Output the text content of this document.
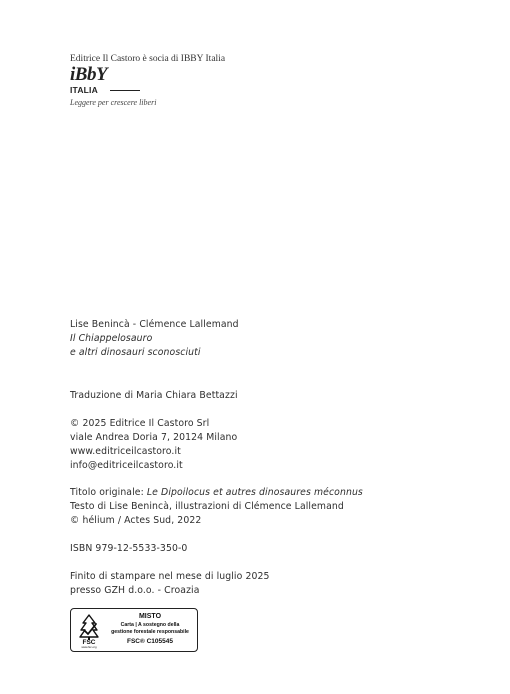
Editrice Il Castoro è socia di IBBY Italia
iBbY
ITALIA
Leggere per crescere liberi
Lise Benincà - Clémence Lallemand
Il Chiappelosauro
e altri dinosauri sconosciuti
Traduzione di Maria Chiara Bettazzi
© 2025 Editrice Il Castoro Srl
viale Andrea Doria 7, 20124 Milano
www.editriceilcastoro.it
info@editriceilcastoro.it
Titolo originale: Le Dipoilocus et autres dinosaures méconnus
Testo di Lise Benincà, illustrazioni di Clémence Lallemand
© hélium / Actes Sud, 2022
ISBN 979-12-5533-350-0
Finito di stampare nel mese di luglio 2025
presso GZH d.o.o. - Croazia
FSC
www.fsc.org
MISTO
Carta | A sostegno della
gestione forestale responsabile
FSC® C105545
